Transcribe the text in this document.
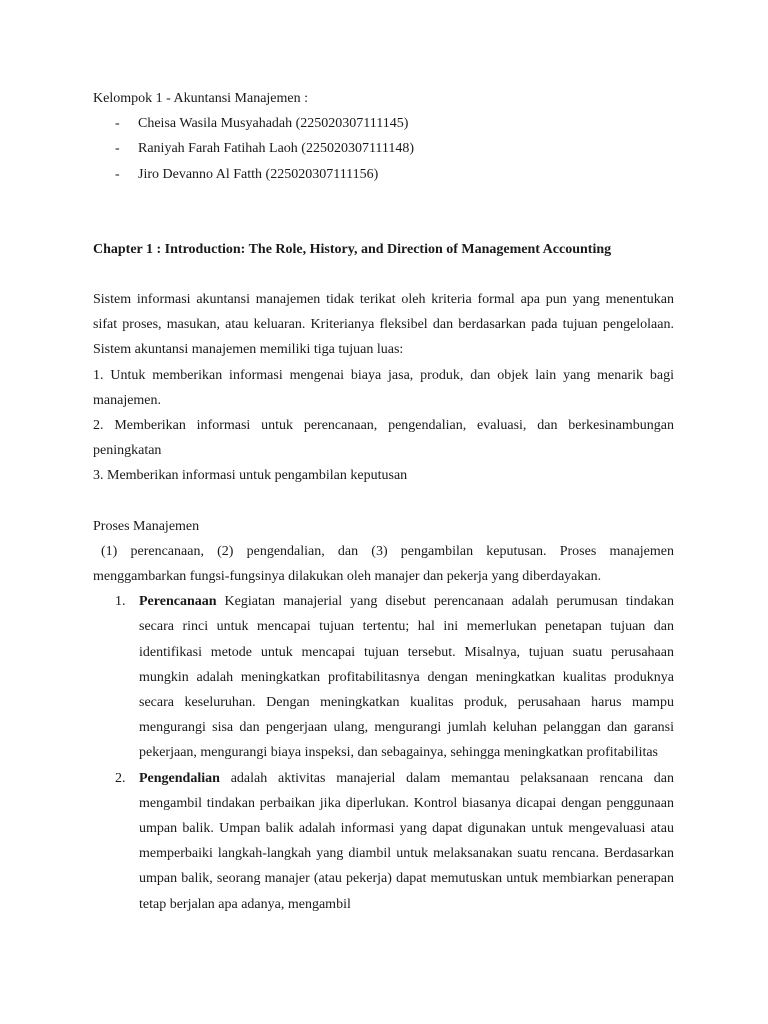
Kelompok 1 - Akuntansi Manajemen :

- Cheisa Wasila Musyahadah (225020307111145)
- Raniyah Farah Fatihah Laoh (225020307111148)
- Jiro Devanno Al Fatth (225020307111156)

Chapter 1 : Introduction: The Role, History, and Direction of Management Accounting

Sistem informasi akuntansi manajemen tidak terikat oleh kriteria formal apa pun yang menentukan sifat proses, masukan, atau keluaran. Kriterianya fleksibel dan berdasarkan pada tujuan pengelolaan. Sistem akuntansi manajemen memiliki tiga tujuan luas:

1. Untuk memberikan informasi mengenai biaya jasa, produk, dan objek lain yang menarik bagi manajemen.

2. Memberikan informasi untuk perencanaan, pengendalian, evaluasi, dan berkesinambungan peningkatan

3. Memberikan informasi untuk pengambilan keputusan

Proses Manajemen

(1) perencanaan, (2) pengendalian, dan (3) pengambilan keputusan. Proses manajemen menggambarkan fungsi-fungsinya dilakukan oleh manajer dan pekerja yang diberdayakan.

1. Perencanaan Kegiatan manajerial yang disebut perencanaan adalah perumusan tindakan secara rinci untuk mencapai tujuan tertentu; hal ini memerlukan penetapan tujuan dan identifikasi metode untuk mencapai tujuan tersebut. Misalnya, tujuan suatu perusahaan mungkin adalah meningkatkan profitabilitasnya dengan meningkatkan kualitas produknya secara keseluruhan. Dengan meningkatkan kualitas produk, perusahaan harus mampu mengurangi sisa dan pengerjaan ulang, mengurangi jumlah keluhan pelanggan dan garansi pekerjaan, mengurangi biaya inspeksi, dan sebagainya, sehingga meningkatkan profitabilitas
2. Pengendalian adalah aktivitas manajerial dalam memantau pelaksanaan rencana dan mengambil tindakan perbaikan jika diperlukan. Kontrol biasanya dicapai dengan penggunaan umpan balik. Umpan balik adalah informasi yang dapat digunakan untuk mengevaluasi atau memperbaiki langkah-langkah yang diambil untuk melaksanakan suatu rencana. Berdasarkan umpan balik, seorang manajer (atau pekerja) dapat memutuskan untuk membiarkan penerapan tetap berjalan apa adanya, mengambil
